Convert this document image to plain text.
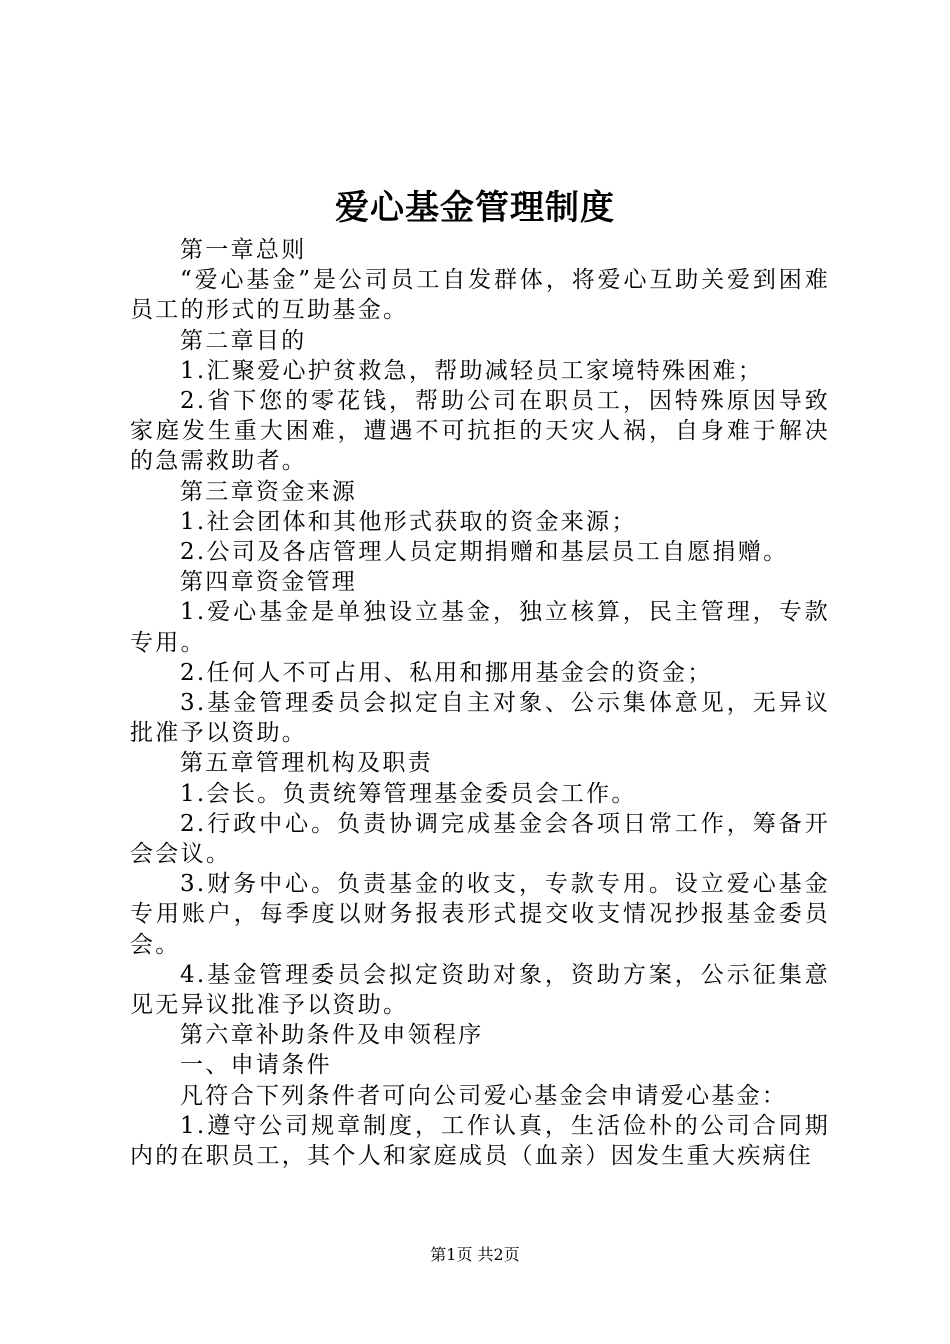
爱心基金管理制度

第一章总则

“爱心基金”是公司员工自发群体，将爱心互助关爱到困难员工的形式的互助基金。

第二章目的

1.汇聚爱心护贫救急，帮助减轻员工家境特殊困难；

2.省下您的零花钱，帮助公司在职员工，因特殊原因导致家庭发生重大困难，遭遇不可抗拒的天灾人祸，自身难于解决的急需救助者。

第三章资金来源

1.社会团体和其他形式获取的资金来源；

2.公司及各店管理人员定期捐赠和基层员工自愿捐赠。

第四章资金管理

1.爱心基金是单独设立基金，独立核算，民主管理，专款专用。

2.任何人不可占用、私用和挪用基金会的资金；

3.基金管理委员会拟定自主对象、公示集体意见，无异议批准予以资助。

第五章管理机构及职责

1.会长。负责统筹管理基金委员会工作。

2.行政中心。负责协调完成基金会各项日常工作，筹备开会会议。

3.财务中心。负责基金的收支，专款专用。设立爱心基金专用账户，每季度以财务报表形式提交收支情况抄报基金委员会。

4.基金管理委员会拟定资助对象，资助方案，公示征集意见无异议批准予以资助。

第六章补助条件及申领程序

一、申请条件

凡符合下列条件者可向公司爱心基金会申请爱心基金：

1.遵守公司规章制度，工作认真，生活俭朴的公司合同期内的在职员工，其个人和家庭成员（血亲）因发生重大疾病住

第1页 共2页
